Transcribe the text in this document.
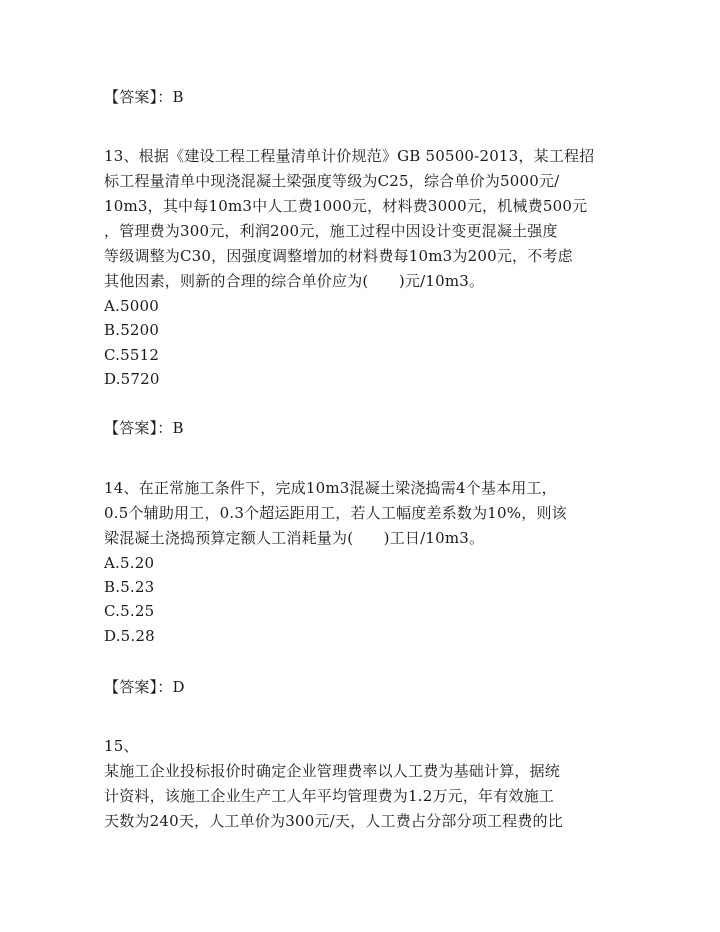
【答案】：B
13、根据《建设工程工程量清单计价规范》GB 50500-2013，某工程招
标工程量清单中现浇混凝土梁强度等级为C25，综合单价为5000元/
10m3，其中每10m3中人工费1000元，材料费3000元，机械费500元
，管理费为300元，利润200元，施工过程中因设计变更混凝土强度
等级调整为C30，因强度调整增加的材料费每10m3为200元，不考虑
其他因素，则新的合理的综合单价应为(　　)元/10m3。
A.5000
B.5200
C.5512
D.5720
【答案】：B
14、在正常施工条件下，完成10m3混凝土梁浇捣需4个基本用工，
0.5个辅助用工，0.3个超运距用工，若人工幅度差系数为10%，则该
梁混凝土浇捣预算定额人工消耗量为(　　)工日/10m3。
A.5.20
B.5.23
C.5.25
D.5.28
【答案】：D
15、
某施工企业投标报价时确定企业管理费率以人工费为基础计算，据统
计资料，该施工企业生产工人年平均管理费为1.2万元，年有效施工
天数为240天，人工单价为300元/天，人工费占分部分项工程费的比
